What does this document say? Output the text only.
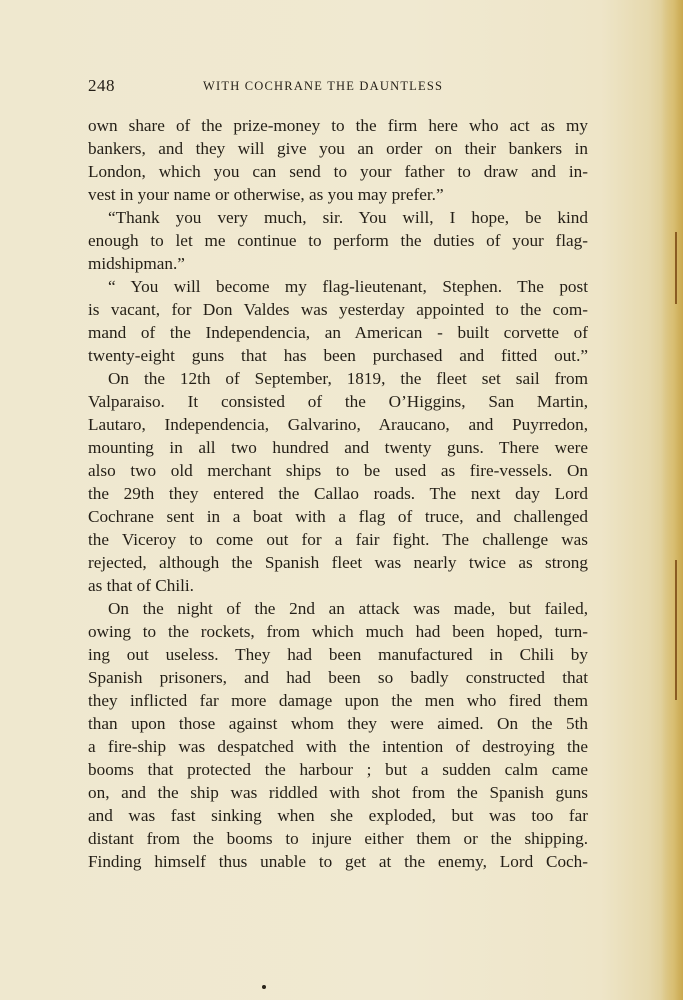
248	WITH COCHRANE THE DAUNTLESS
own share of the prize-money to the firm here who act as my
bankers, and they will give you an order on their bankers in
London, which you can send to your father to draw and in-
vest in your name or otherwise, as you may prefer.”
“Thank you very much, sir. You will, I hope, be kind
enough to let me continue to perform the duties of your flag-
midshipman.”
“ You will become my flag-lieutenant, Stephen. The post
is vacant, for Don Valdes was yesterday appointed to the com-
mand of the Independencia, an American - built corvette of
twenty-eight guns that has been purchased and fitted out.”
On the 12th of September, 1819, the fleet set sail from
Valparaiso. It consisted of the O’Higgins, San Martin,
Lautaro, Independencia, Galvarino, Araucano, and Puyrredon,
mounting in all two hundred and twenty guns. There were
also two old merchant ships to be used as fire-vessels. On
the 29th they entered the Callao roads. The next day Lord
Cochrane sent in a boat with a flag of truce, and challenged
the Viceroy to come out for a fair fight. The challenge was
rejected, although the Spanish fleet was nearly twice as strong
as that of Chili.
On the night of the 2nd an attack was made, but failed,
owing to the rockets, from which much had been hoped, turn-
ing out useless. They had been manufactured in Chili by
Spanish prisoners, and had been so badly constructed that
they inflicted far more damage upon the men who fired them
than upon those against whom they were aimed. On the 5th
a fire-ship was despatched with the intention of destroying the
booms that protected the harbour ; but a sudden calm came
on, and the ship was riddled with shot from the Spanish guns
and was fast sinking when she exploded, but was too far
distant from the booms to injure either them or the shipping.
Finding himself thus unable to get at the enemy, Lord Coch-
